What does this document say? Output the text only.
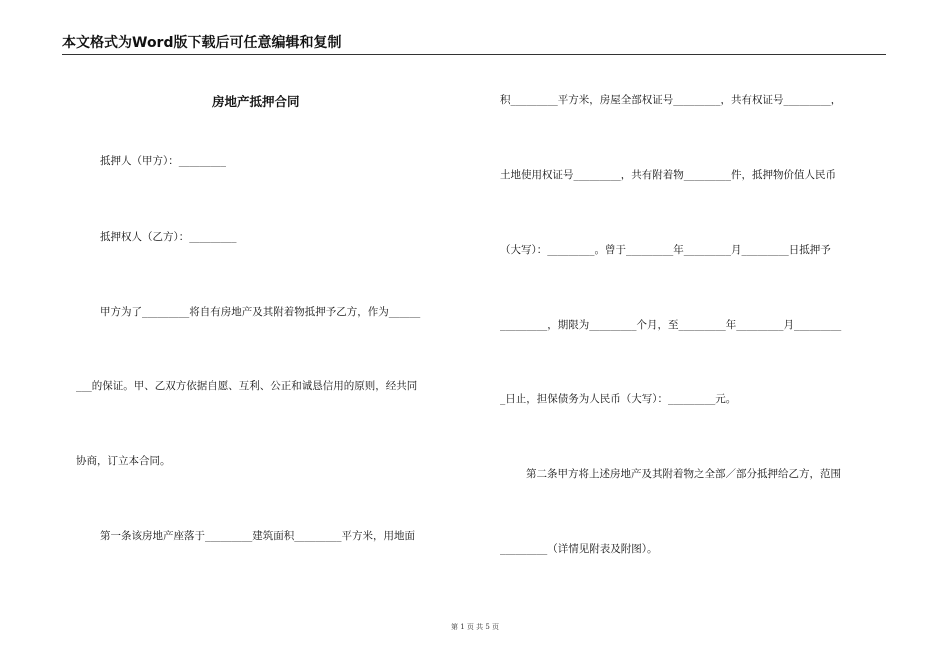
本文格式为Word版下载后可任意编辑和复制
房地产抵押合同
抵押人（甲方）：_________
抵押权人（乙方）：_________
甲方为了_________将自有房地产及其附着物抵押予乙方，作为______
___的保证。甲、乙双方依据自愿、互利、公正和诚恳信用的原则，经共同
协商，订立本合同。
第一条该房地产座落于_________建筑面积_________平方米，用地面
积_________平方米，房屋全部权证号_________，共有权证号_________，
土地使用权证号_________，共有附着物_________件，抵押物价值人民币
（大写）：_________。曾于_________年_________月_________日抵押予
_________，期限为_________个月，至_________年_________月_________
_日止，担保债务为人民币（大写）：_________元。
第二条甲方将上述房地产及其附着物之全部／部分抵押给乙方，范围
_________（详情见附表及附图）。
第 1 页 共 5 页
